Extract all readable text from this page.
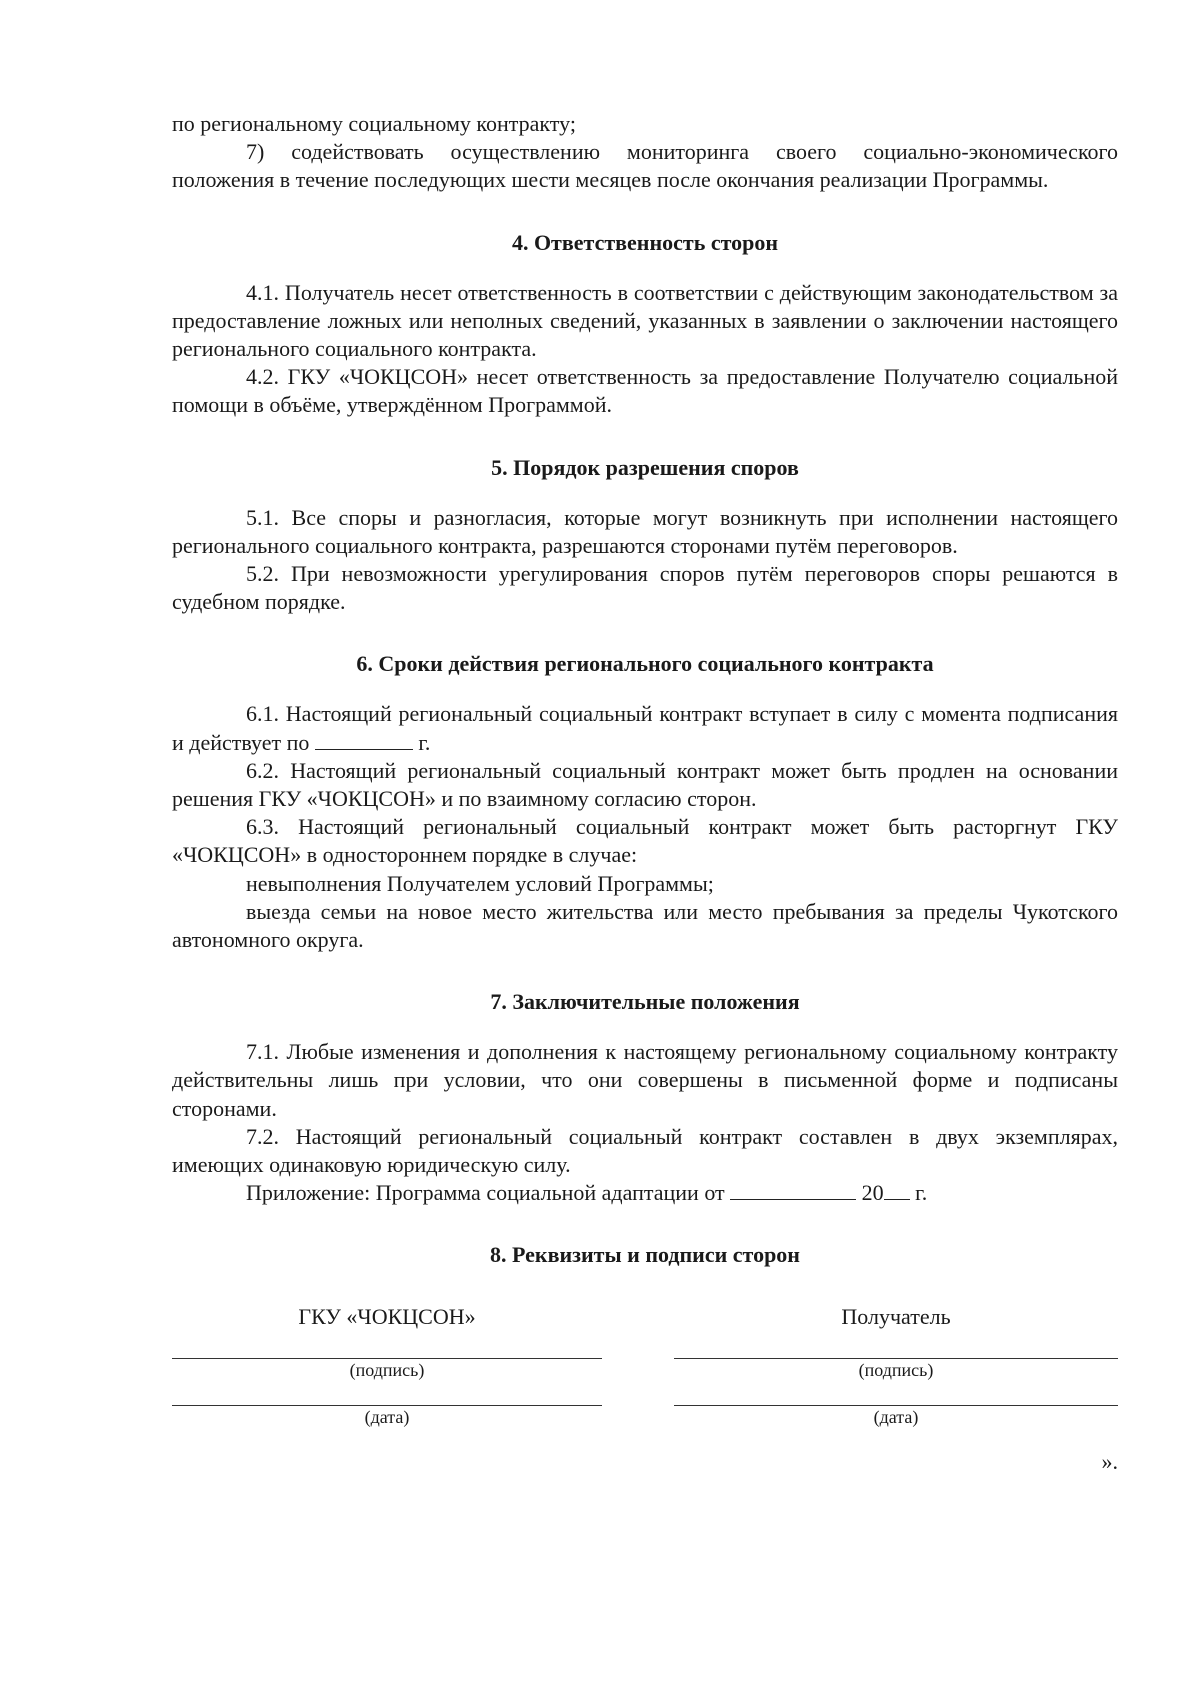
по региональному социальному контракту;

7) содействовать осуществлению мониторинга своего социально-экономического положения в течение последующих шести месяцев после окончания реализации Программы.

4. Ответственность сторон

4.1. Получатель несет ответственность в соответствии с действующим законодательством за предоставление ложных или неполных сведений, указанных в заявлении о заключении настоящего регионального социального контракта.

4.2. ГКУ «ЧОКЦСОН» несет ответственность за предоставление Получателю социальной помощи в объёме, утверждённом Программой.

5. Порядок разрешения споров

5.1. Все споры и разногласия, которые могут возникнуть при исполнении настоящего регионального социального контракта, разрешаются сторонами путём переговоров.

5.2. При невозможности урегулирования споров путём переговоров споры решаются в судебном порядке.

6. Сроки действия регионального социального контракта

6.1. Настоящий региональный социальный контракт вступает в силу с момента подписания и действует по	г.

6.2. Настоящий региональный социальный контракт может быть продлен на основании решения ГКУ «ЧОКЦСОН» и по взаимному согласию сторон.

6.3. Настоящий региональный социальный контракт может быть расторгнут ГКУ «ЧОКЦСОН» в одностороннем порядке в случае:

невыполнения Получателем условий Программы;

выезда семьи на новое место жительства или место пребывания за пределы Чукотского автономного округа.

7. Заключительные положения

7.1. Любые изменения и дополнения к настоящему региональному социальному контракту действительны лишь при условии, что они совершены в письменной форме и подписаны сторонами.

7.2. Настоящий региональный социальный контракт составлен в двух экземплярах, имеющих одинаковую юридическую силу.

Приложение: Программа социальной адаптации от	20 г.

8. Реквизиты и подписи сторон
ГКУ «ЧОКЦСОН»
(подпись)
(дата)
Получатель
(подпись)
(дата)
».
